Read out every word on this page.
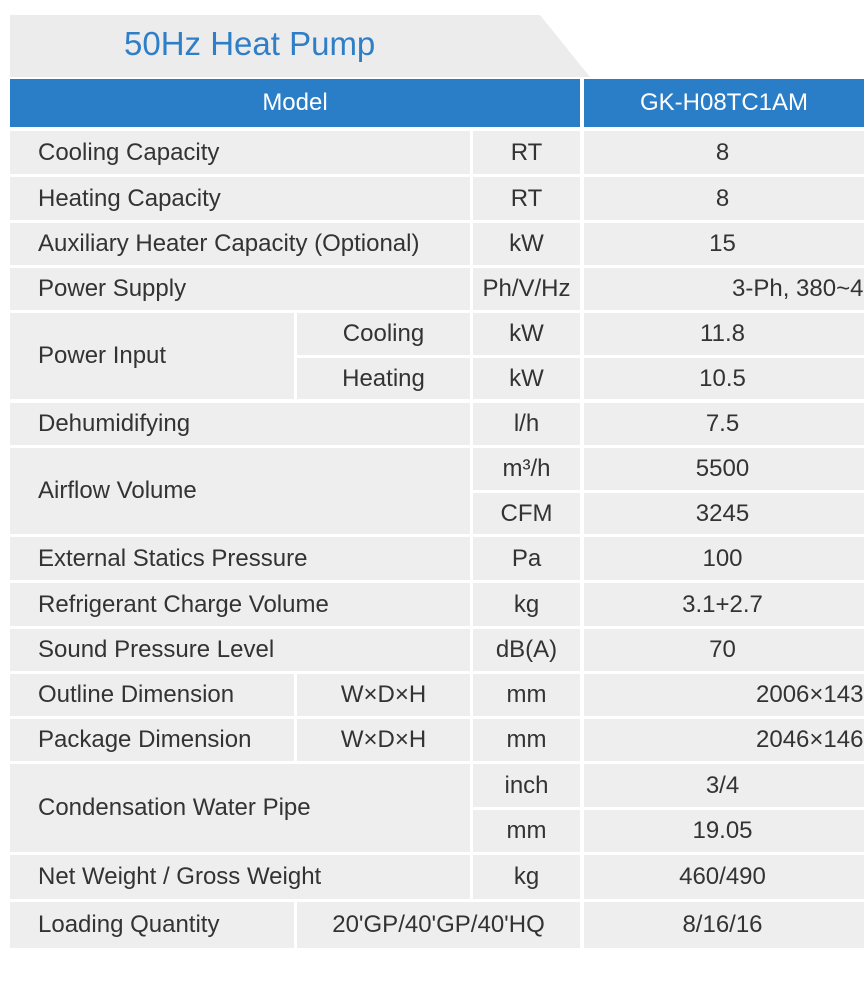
50Hz Heat Pump
Model	GK-H08TC1AM
Cooling Capacity	RT	8
Heating Capacity	RT	8
Auxiliary Heater Capacity (Optional)	kW	15
Power Supply	Ph/V/Hz	3-Ph, 380~4
Power Input
Cooling	kW	11.8
Heating	kW	10.5
Dehumidifying	l/h	7.5
Airflow Volume
m³/h	5500
CFM	3245
External Statics Pressure	Pa	100
Refrigerant Charge Volume	kg	3.1+2.7
Sound Pressure Level	dB(A)	70
Outline Dimension	W×D×H	mm	2006×143
Package Dimension	W×D×H	mm	2046×146
Condensation Water Pipe
inch	3/4
mm	19.05
Net Weight / Gross Weight	kg	460/490
Loading Quantity	20'GP/40'GP/40'HQ	8/16/16
